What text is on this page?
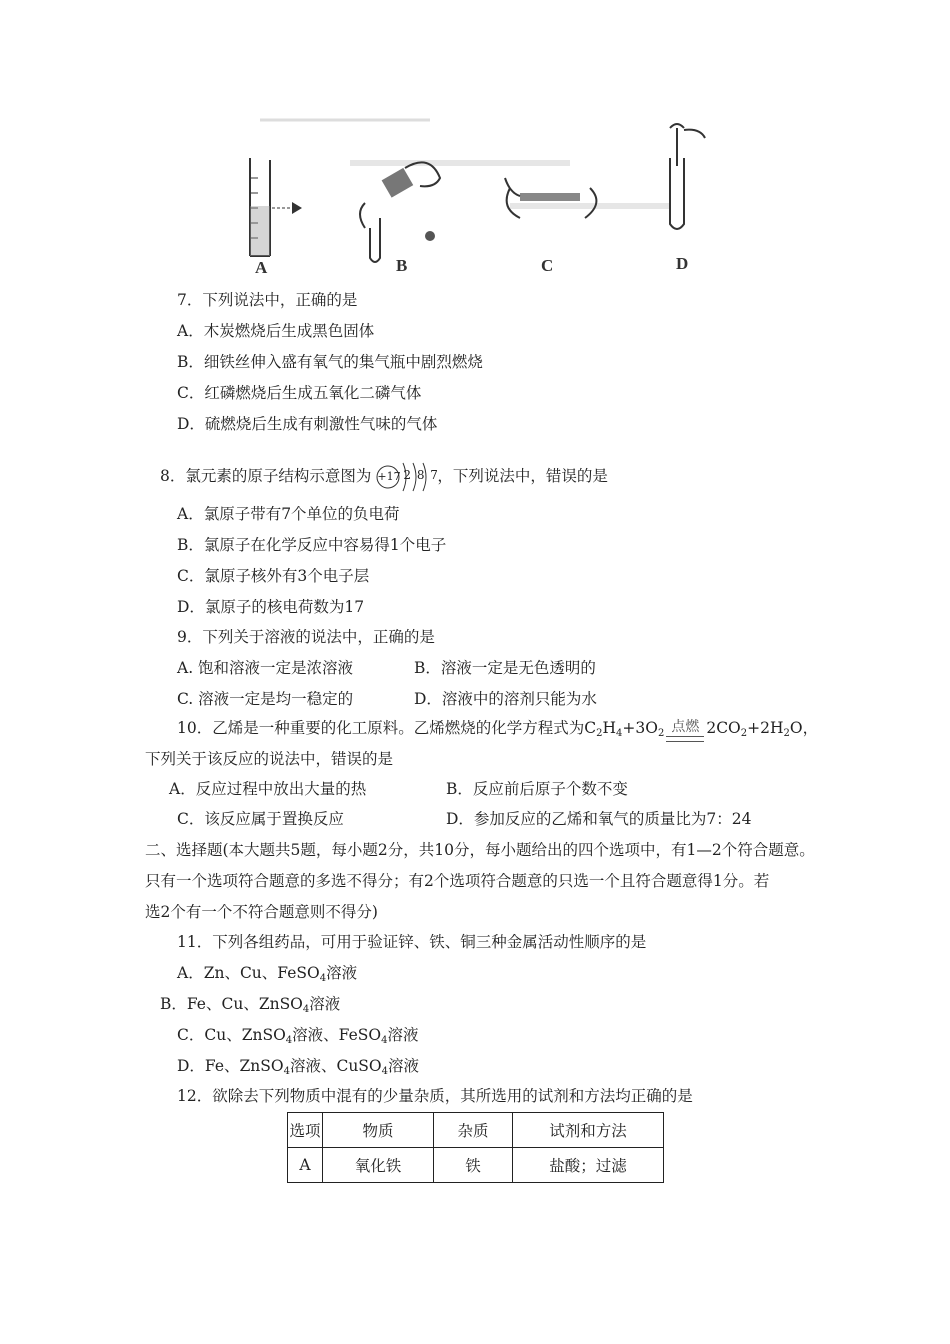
A	B	C	D
7．下列说法中，正确的是
A．木炭燃烧后生成黑色固体
B．细铁丝伸入盛有氧气的集气瓶中剧烈燃烧
C．红磷燃烧后生成五氧化二磷气体
D．硫燃烧后生成有刺激性气味的气体
8．氯元素的原子结构示意图为 +17 2 8 7
，下列说法中，错误的是
A．氯原子带有7个单位的负电荷
B．氯原子在化学反应中容易得1个电子
C．氯原子核外有3个电子层
D．氯原子的核电荷数为17
9．下列关于溶液的说法中，正确的是
A. 饱和溶液一定是浓溶液	B．溶液一定是无色透明的
C. 溶液一定是均一稳定的	D．溶液中的溶剂只能为水
10．乙烯是一种重要的化工原料。乙烯燃烧的化学方程式为$C_2H_4+3O_2$ 点燃 $2CO_2+2H_2O$，
下列关于该反应的说法中，错误的是
A．反应过程中放出大量的热	B．反应前后原子个数不变
C．该反应属于置换反应	D．参加反应的乙烯和氧气的质量比为7：24
二、选择题(本大题共5题，每小题2分，共10分，每小题给出的四个选项中，有1—2个符合题意。
只有一个选项符合题意的多选不得分；有2个选项符合题意的只选一个且符合题意得1分。若
选2个有一个不符合题意则不得分)
11．下列各组药品，可用于验证锌、铁、铜三种金属活动性顺序的是
A．Zn、Cu、FeSO$_4$溶液
B．Fe、Cu、ZnSO$_4$溶液
C．Cu、ZnSO$_4$溶液、FeSO$_4$溶液
D．Fe、ZnSO$_4$溶液、CuSO$_4$溶液
12．欲除去下列物质中混有的少量杂质，其所选用的试剂和方法均正确的是
选项	物质	杂质	试剂和方法
A	氧化铁	铁	盐酸；过滤
